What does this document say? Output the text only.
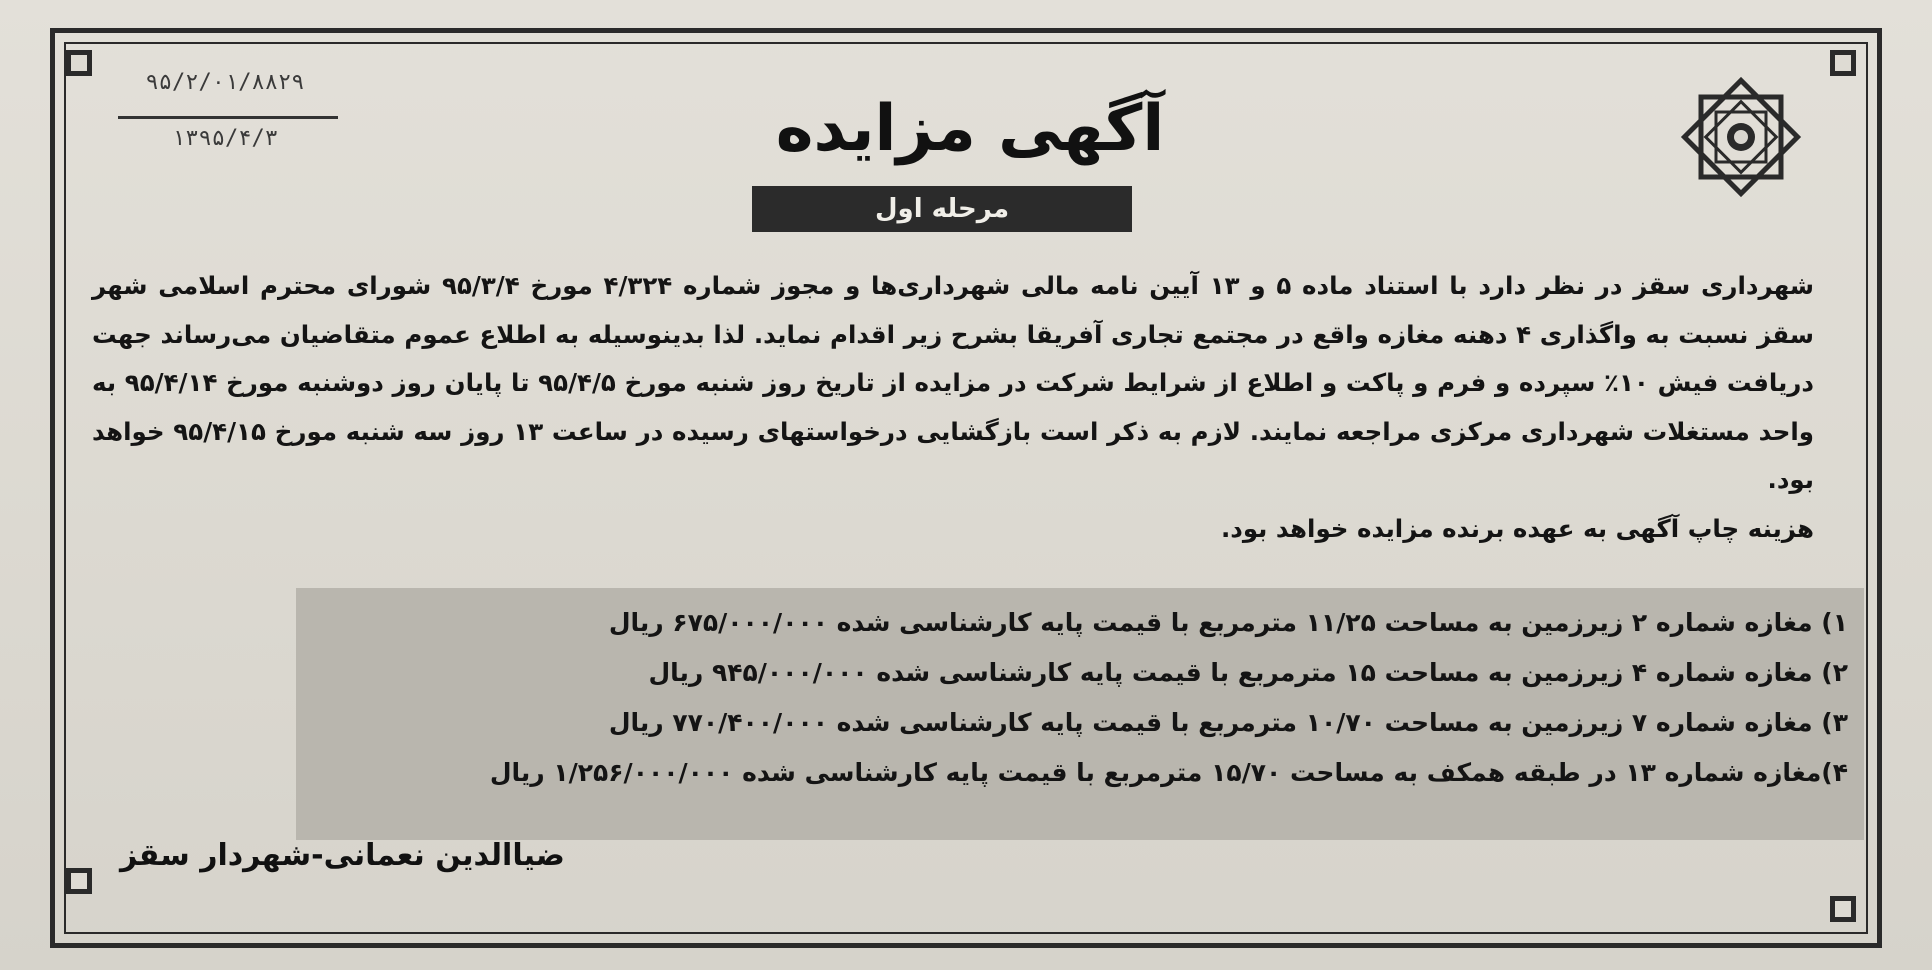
۹۵/۲/۰۱/۸۸۲۹
۱۳۹۵/۴/۳	آگهی مزایده
مرحله اول

شهرداری سقز در نظر دارد با استناد ماده ۵ و ۱۳ آیین نامه مالی شهرداری‌ها و مجوز شماره ۴/۳۲۴ مورخ ۹۵/۳/۴ شورای محترم اسلامی شهر سقز نسبت به واگذاری ۴ دهنه مغازه واقع در مجتمع تجاری آفریقا بشرح زیر اقدام نماید. لذا بدینوسیله به اطلاع عموم متقاضیان می‌رساند جهت دریافت فیش ۱۰٪ سپرده و فرم و پاکت و اطلاع از شرایط شرکت در مزایده از تاریخ روز شنبه مورخ ۹۵/۴/۵ تا پایان روز دوشنبه مورخ ۹۵/۴/۱۴ به واحد مستغلات شهرداری مرکزی مراجعه نمایند. لازم به ذکر است بازگشایی درخواستهای رسیده در ساعت ۱۳ روز سه شنبه مورخ ۹۵/۴/۱۵ خواهد بود.

هزینه چاپ آگهی به عهده برنده مزایده خواهد بود.

۱) مغازه شماره ۲ زیرزمین به مساحت ۱۱/۲۵ مترمربع با قیمت پایه کارشناسی شده ۶۷۵/۰۰۰/۰۰۰ ریال
۲) مغازه شماره ۴ زیرزمین به مساحت ۱۵ مترمربع با قیمت پایه کارشناسی شده ۹۴۵/۰۰۰/۰۰۰ ریال
۳) مغازه شماره ۷ زیرزمین به مساحت ۱۰/۷۰ مترمربع با قیمت پایه کارشناسی شده ۷۷۰/۴۰۰/۰۰۰ ریال
۴)مغازه شماره ۱۳ در طبقه همکف به مساحت ۱۵/۷۰ مترمربع با قیمت پایه کارشناسی شده ۱/۲۵۶/۰۰۰/۰۰۰ ریال
ضیاالدین نعمانی-شهردار سقز
